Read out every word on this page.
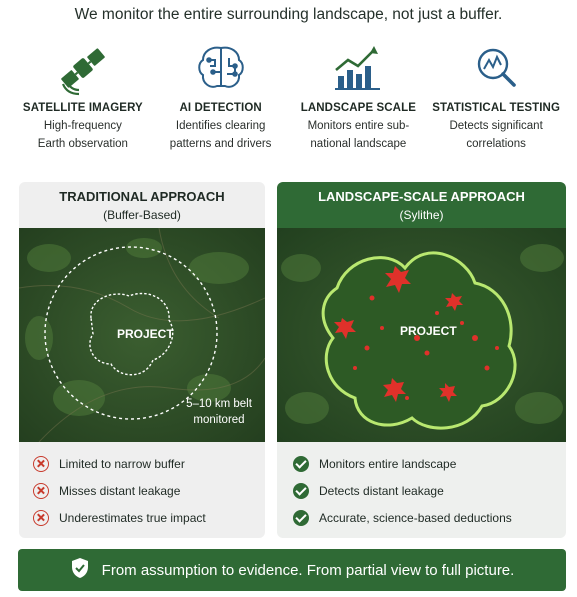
We monitor the entire surrounding landscape, not just a buffer.
SATELLITE IMAGERY
High-frequency
Earth observation
AI DETECTION
Identifies clearing
patterns and drivers
LANDSCAPE SCALE
Monitors entire sub-
national landscape
STATISTICAL TESTING
Detects significant
correlations
TRADITIONAL APPROACH
(Buffer-Based)
PROJECT
5–10 km belt
monitored
Limited to narrow buffer
Misses distant leakage
Underestimates true impact
LANDSCAPE-SCALE APPROACH
(Sylithe)
PROJECT
Monitors entire landscape
Detects distant leakage
Accurate, science-based deductions
From assumption to evidence. From partial view to full picture.
